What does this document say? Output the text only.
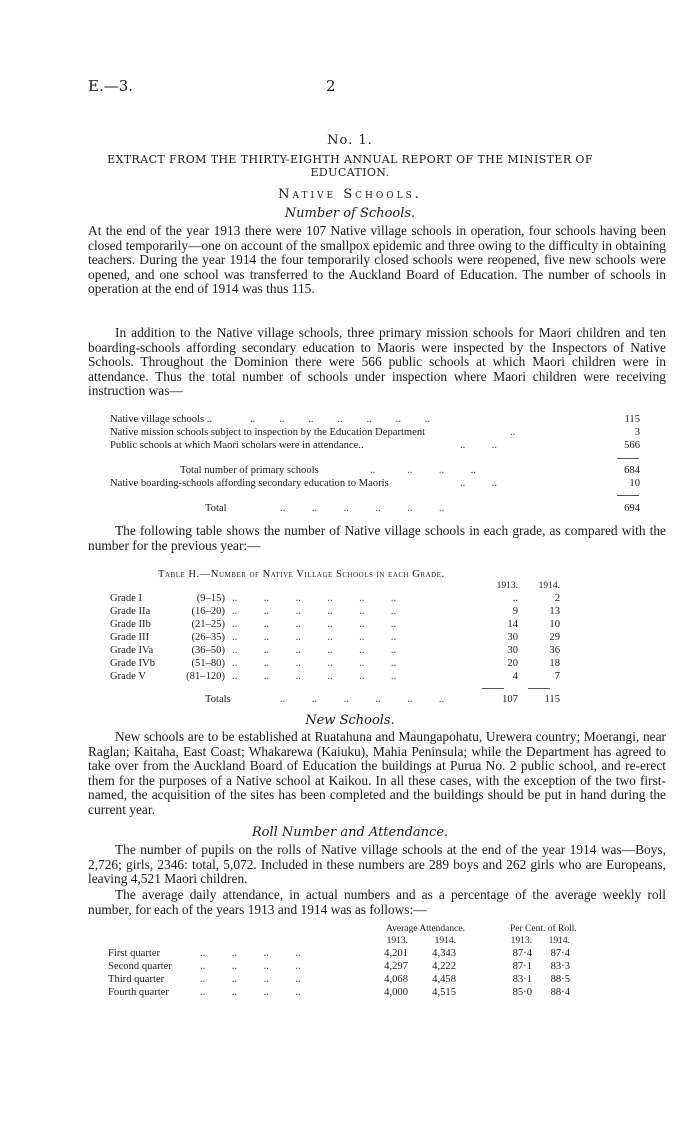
E.—3.	2
No. 1.
EXTRACT FROM THE THIRTY-EIGHTH ANNUAL REPORT OF THE MINISTER OF
EDUCATION.
Native Schools.
Number of Schools.
At the end of the year 1913 there were 107 Native village schools in operation, four schools having been closed temporarily—one on account of the smallpox epidemic and three owing to the difficulty in obtaining teachers. During the year 1914 the four temporarily closed schools were reopened, five new schools were opened, and one school was transferred to the Auckland Board of Education. The number of schools in operation at the end of 1914 was thus 115.
In addition to the Native village schools, three primary mission schools for Maori children and ten boarding-schools affording secondary education to Maoris were inspected by the Inspectors of Native Schools. Throughout the Dominion there were 566 public schools at which Maori children were in attendance. Thus the total number of schools under inspection where Maori children were receiving instruction was—
Native village schools ..	..         ..         ..         ..         ..         ..         ..	115
Native mission schools subject to inspection by the Education Department	..	3
Public schools at which Maori scholars were in attendance..	..          ..	566
Total number of primary schools	..            ..          ..          ..	684
Native boarding-schools affording secondary education to Maoris	..          ..	10
Total	..          ..          ..          ..          ..          ..	694
The following table shows the number of Native village schools in each grade, as compared with the number for the previous year:—
Table H.—Number of Native Village Schools in each Grade.
1913.	1914.
Grade I	(9–15) ..          ..          ..          ..          ..          ..	..	2
Grade IIa	(16–20) ..          ..          ..          ..          ..          ..	9	13
Grade IIb	(21–25) ..          ..          ..          ..          ..          ..	14	10
Grade III	(26–35) ..          ..          ..          ..          ..          ..	30	29
Grade IVa	(36–50) ..          ..          ..          ..          ..          ..	30	36
Grade IVb	(51–80) ..          ..          ..          ..          ..          ..	20	18
Grade V	(81–120) ..          ..          ..          ..          ..          ..	4	7
Totals	..          ..          ..          ..          ..          ..	107	115
New Schools.
New schools are to be established at Ruatahuna and Maungapohatu, Urewera country; Moerangi, near Raglan; Kaitaha, East Coast; Whakarewa (Kaiuku), Mahia Peninsula; while the Department has agreed to take over from the Auckland Board of Education the buildings at Purua No. 2 public school, and re-erect them for the purposes of a Native school at Kaikou. In all these cases, with the exception of the two first-named, the acquisition of the sites has been completed and the buildings should be put in hand during the current year.
Roll Number and Attendance.
The number of pupils on the rolls of Native village schools at the end of the year 1914 was—Boys, 2,726; girls, 2346: total, 5,072. Included in these numbers are 289 boys and 262 girls who are Europeans, leaving 4,521 Maori children.
The average daily attendance, in actual numbers and as a percentage of the average weekly roll number, for each of the years 1913 and 1914 was as follows:—
Average Attendance.	Per Cent. of Roll.
1913.	1914.	1913.	1914.
First quarter	..          ..          ..          ..	4,201	4,343	87·4	87·4
Second quarter	..          ..          ..          ..	4,297	4,222	87·1	83·3
Third quarter	..          ..          ..          ..	4,068	4,458	83·1	88·5
Fourth quarter	..          ..          ..          ..	4,000	4,515	85·0	88·4
